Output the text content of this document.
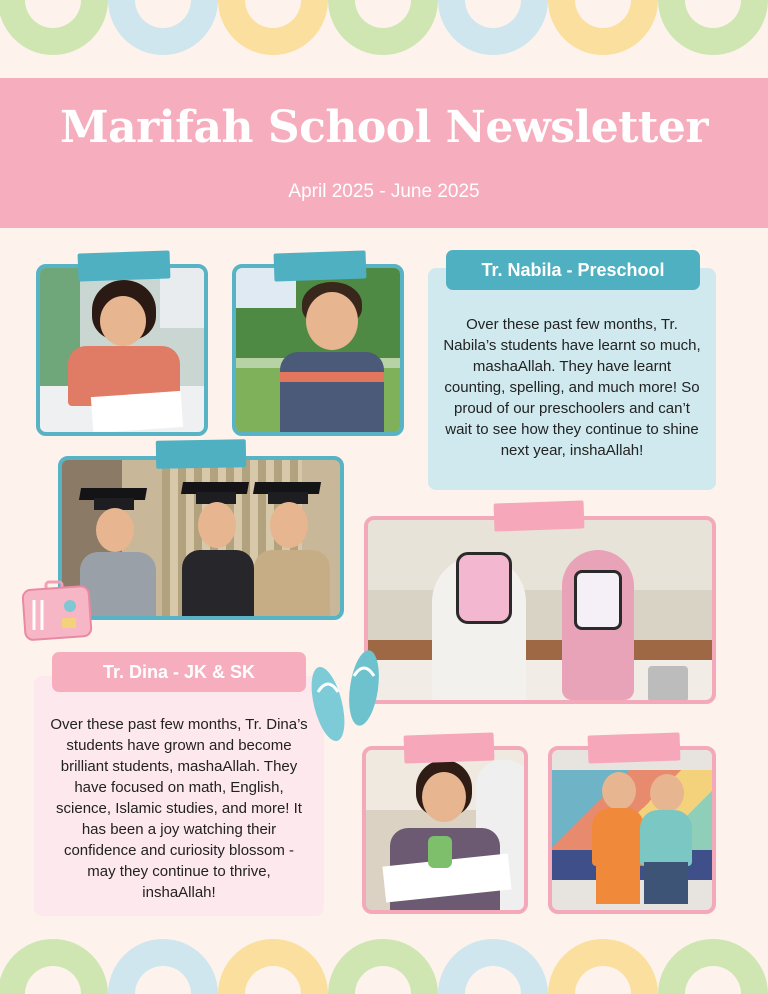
Marifah School Newsletter
April 2025 - June 2025
Over these past few months, Tr. Nabila’s students have learnt so much, mashaAllah. They have learnt counting, spelling, and much more! So proud of our preschoolers and can’t wait to see how they continue to shine next year, inshaAllah!
Tr. Nabila - Preschool
Over these past few months, Tr. Dina’s students have grown and become brilliant students, mashaAllah. They have focused on math, English, science, Islamic studies, and more! It has been a joy watching their confidence and curiosity blossom - may they continue to thrive, inshaAllah!
Tr. Dina - JK & SK
